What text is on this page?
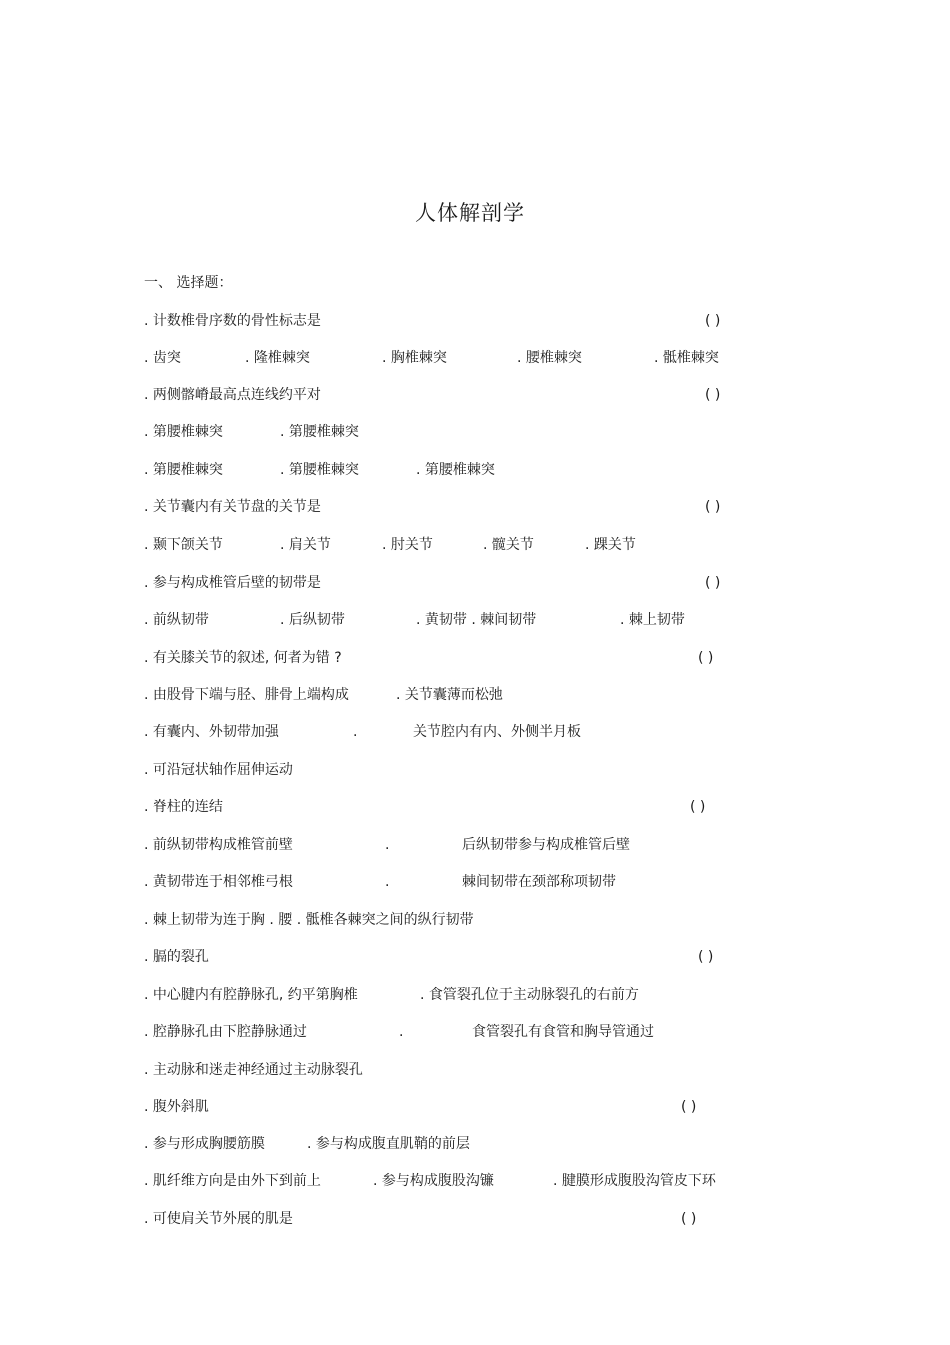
人体解剖学
一、 选择题：
. 计数椎骨序数的骨性标志是	( )
. 齿突	. 隆椎棘突	. 胸椎棘突	. 腰椎棘突	. 骶椎棘突
. 两侧髂嵴最高点连线约平对	( )
. 第腰椎棘突	. 第腰椎棘突
. 第腰椎棘突	. 第腰椎棘突	. 第腰椎棘突
. 关节囊内有关节盘的关节是	( )
. 颞下颌关节	. 肩关节	. 肘关节	. 髋关节	. 踝关节
. 参与构成椎管后壁的韧带是	( )
. 前纵韧带	. 后纵韧带	. 黄韧带 . 棘间韧带	. 棘上韧带
. 有关膝关节的叙述, 何者为错 ?	( )
. 由股骨下端与胫、腓骨上端构成	. 关节囊薄而松弛
. 有囊内、外韧带加强	.	关节腔内有内、外侧半月板
. 可沿冠状轴作屈伸运动
. 脊柱的连结	( )
. 前纵韧带构成椎管前壁	.	后纵韧带参与构成椎管后壁
. 黄韧带连于相邻椎弓根	.	棘间韧带在颈部称项韧带
. 棘上韧带为连于胸 . 腰 . 骶椎各棘突之间的纵行韧带
. 膈的裂孔	( )
. 中心腱内有腔静脉孔, 约平第胸椎	. 食管裂孔位于主动脉裂孔的右前方
. 腔静脉孔由下腔静脉通过	.	食管裂孔有食管和胸导管通过
. 主动脉和迷走神经通过主动脉裂孔
. 腹外斜肌	( )
. 参与形成胸腰筋膜	. 参与构成腹直肌鞘的前层
. 肌纤维方向是由外下到前上	. 参与构成腹股沟镰	. 腱膜形成腹股沟管皮下环
. 可使肩关节外展的肌是	( )
